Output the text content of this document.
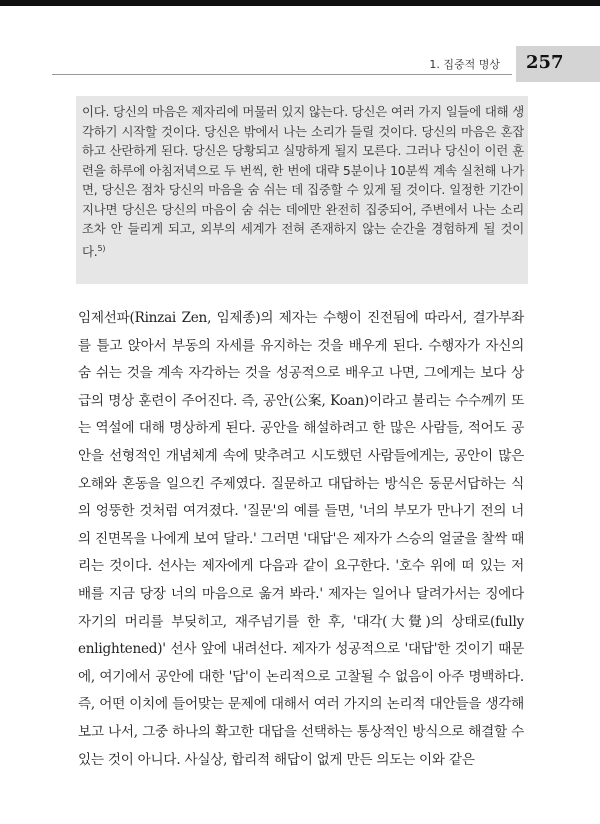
1. 집중적 명상 257
이다. 당신의 마음은 제자리에 머물러 있지 않는다. 당신은 여러 가지 일들에 대해 생각하기 시작할 것이다. 당신은 밖에서 나는 소리가 들릴 것이다. 당신의 마음은 혼잡하고 산란하게 된다. 당신은 당황되고 실망하게 될지 모른다. 그러나 당신이 이런 훈련을 하루에 아침저녁으로 두 번씩, 한 번에 대략 5분이나 10분씩 계속 실천해 나가면, 당신은 점차 당신의 마음을 숨 쉬는 데 집중할 수 있게 될 것이다. 일정한 기간이 지나면 당신은 당신의 마음이 숨 쉬는 데에만 완전히 집중되어, 주변에서 나는 소리조차 안 들리게 되고, 외부의 세계가 전혀 존재하지 않는 순간을 경험하게 될 것이다.$^{5)}$
임제선파(Rinzai Zen, 임제종)의 제자는 수행이 진전됨에 따라서, 결가부좌를 틀고 앉아서 부동의 자세를 유지하는 것을 배우게 된다. 수행자가 자신의 숨 쉬는 것을 계속 자각하는 것을 성공적으로 배우고 나면, 그에게는 보다 상급의 명상 훈련이 주어진다. 즉, 공안(公案, Koan)이라고 불리는 수수께끼 또는 역설에 대해 명상하게 된다. 공안을 해설하려고 한 많은 사람들, 적어도 공안을 선형적인 개념체계 속에 맞추려고 시도했던 사람들에게는, 공안이 많은 오해와 혼동을 일으킨 주제였다. 질문하고 대답하는 방식은 동문서답하는 식의 엉뚱한 것처럼 여겨졌다. '질문'의 예를 들면, '너의 부모가 만나기 전의 너의 진면목을 나에게 보여 달라.' 그러면 '대답'은 제자가 스승의 얼굴을 찰싹 때리는 것이다. 선사는 제자에게 다음과 같이 요구한다. '호수 위에 떠 있는 저 배를 지금 당장 너의 마음으로 옮겨 봐라.' 제자는 일어나 달려가서는 징에다 자기의 머리를 부딪히고, 재주넘기를 한 후, '대각(大覺)의 상태로(fully enlightened)' 선사 앞에 내려선다. 제자가 성공적으로 '대답'한 것이기 때문에, 여기에서 공안에 대한 '답'이 논리적으로 고찰될 수 없음이 아주 명백하다. 즉, 어떤 이치에 들어맞는 문제에 대해서 여러 가지의 논리적 대안들을 생각해 보고 나서, 그중 하나의 확고한 대답을 선택하는 통상적인 방식으로 해결할 수 있는 것이 아니다. 사실상, 합리적 해답이 없게 만든 의도는 이와 같은
